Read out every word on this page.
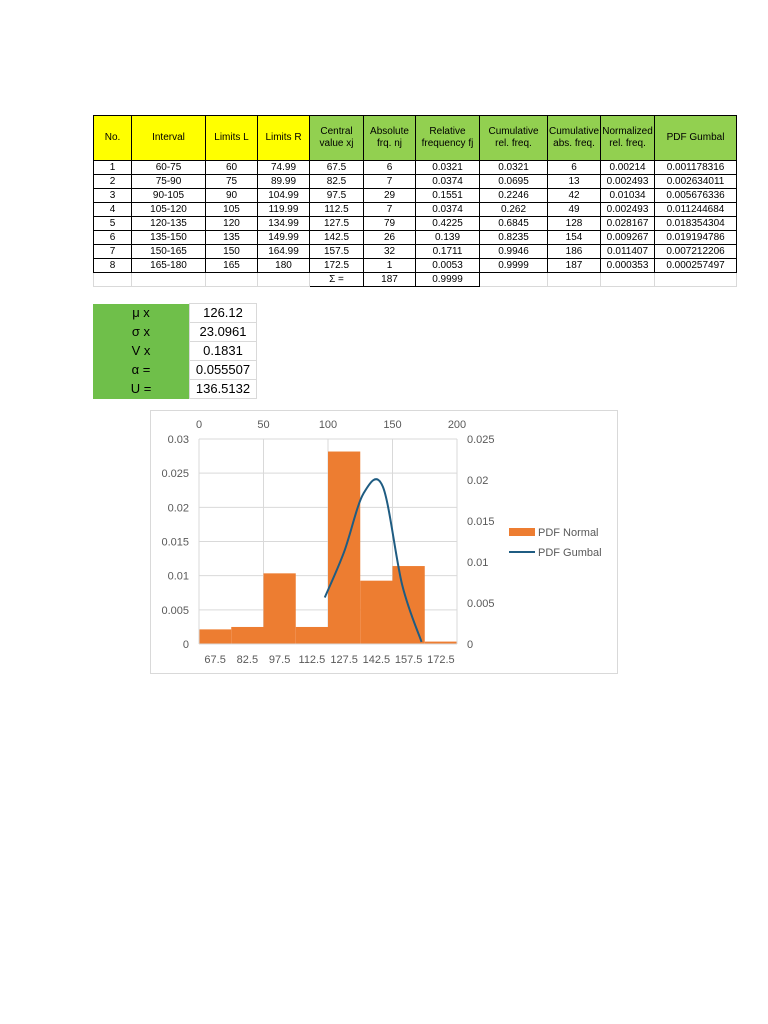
No.	Interval	Limits L	Limits R	Central value xj	Absolute frq. nj	Relative frequency fj	Cumulative rel. freq.	Cumulative abs. freq.	Normalized rel. freq.	PDF Gumbal
1	60-75	60	74.99	67.5	6	0.0321	0.0321	6	0.00214	0.001178316
2	75-90	75	89.99	82.5	7	0.0374	0.0695	13	0.002493	0.002634011
3	90-105	90	104.99	97.5	29	0.1551	0.2246	42	0.01034	0.005676336
4	105-120	105	119.99	112.5	7	0.0374	0.262	49	0.002493	0.011244684
5	120-135	120	134.99	127.5	79	0.4225	0.6845	128	0.028167	0.018354304
6	135-150	135	149.99	142.5	26	0.139	0.8235	154	0.009267	0.019194786
7	150-165	150	164.99	157.5	32	0.1711	0.9946	186	0.011407	0.007212206
8	165-180	165	180	172.5	1	0.0053	0.9999	187	0.000353	0.000257497
				Σ =	187	0.9999				
μ x	126.12
σ x	23.0961
V x	0.1831
α =	0.055507
U =	136.5132
0
0.005
0.01
0.015
0.02
0.025
0.03
0	50	100	150	200
0
0.005
0.01
0.015
0.02
0.025
67.5 82.5 97.5 112.5 127.5 142.5 157.5 172.5
PDF Normal
PDF Gumbal
